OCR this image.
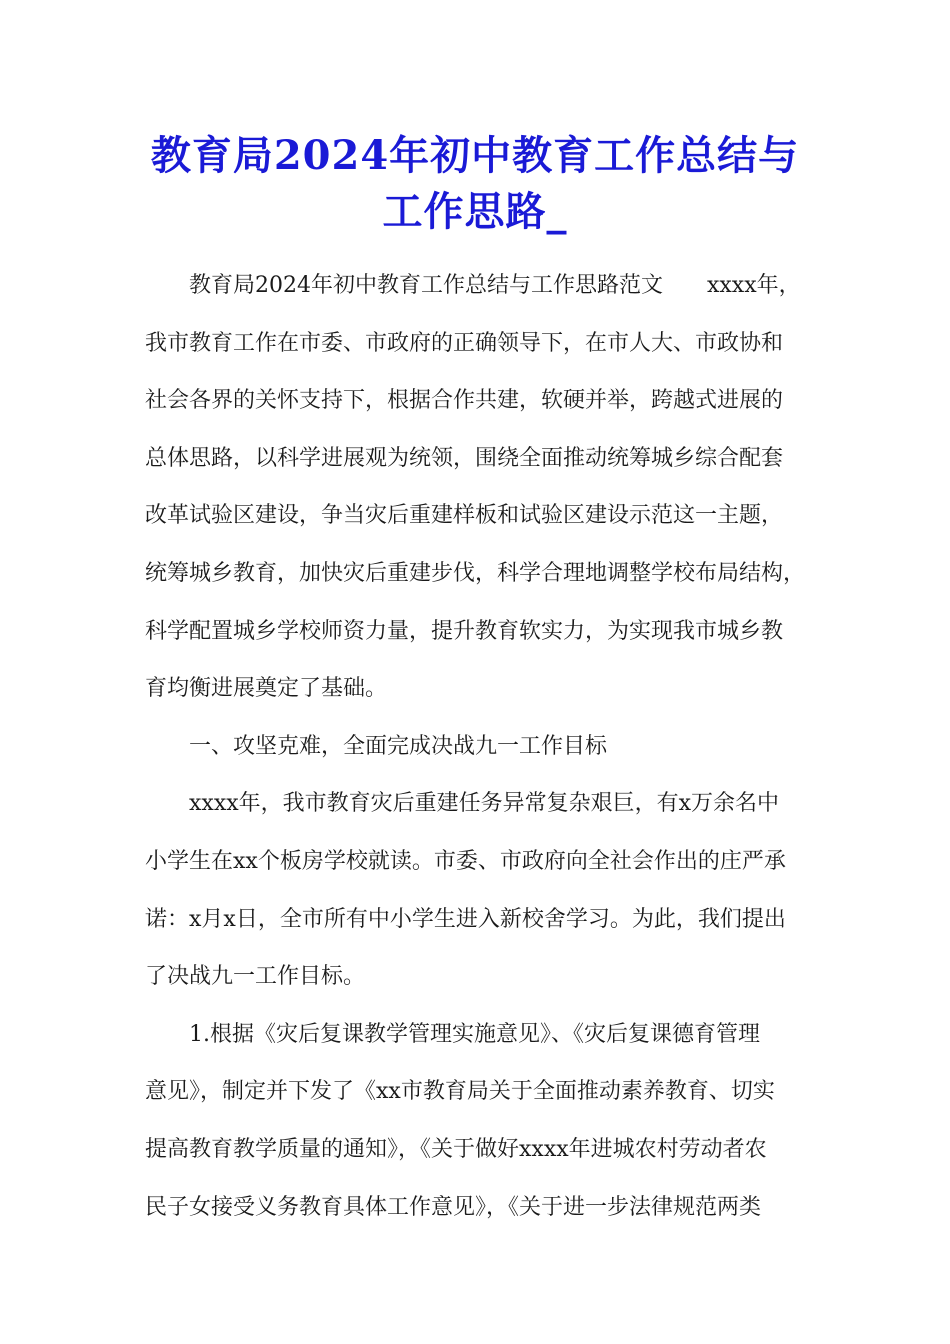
教育局2024年初中教育工作总结与
工作思路_
教育局2024年初中教育工作总结与工作思路范文　　xxxx年，
我市教育工作在市委、市政府的正确领导下，在市人大、市政协和
社会各界的关怀支持下，根据合作共建，软硬并举，跨越式进展的
总体思路，以科学进展观为统领，围绕全面推动统筹城乡综合配套
改革试验区建设，争当灾后重建样板和试验区建设示范这一主题，
统筹城乡教育，加快灾后重建步伐，科学合理地调整学校布局结构，
科学配置城乡学校师资力量，提升教育软实力，为实现我市城乡教
育均衡进展奠定了基础。
一、攻坚克难，全面完成决战九一工作目标
xxxx年，我市教育灾后重建任务异常复杂艰巨，有x万余名中
小学生在xx个板房学校就读。市委、市政府向全社会作出的庄严承
诺：x月x日，全市所有中小学生进入新校舍学习。为此，我们提出
了决战九一工作目标。
1.根据《灾后复课教学管理实施意见》、《灾后复课德育管理
意见》，制定并下发了《xx市教育局关于全面推动素养教育、切实
提高教育教学质量的通知》，《关于做好xxxx年进城农村劳动者农
民子女接受义务教育具体工作意见》，《关于进一步法律规范两类
